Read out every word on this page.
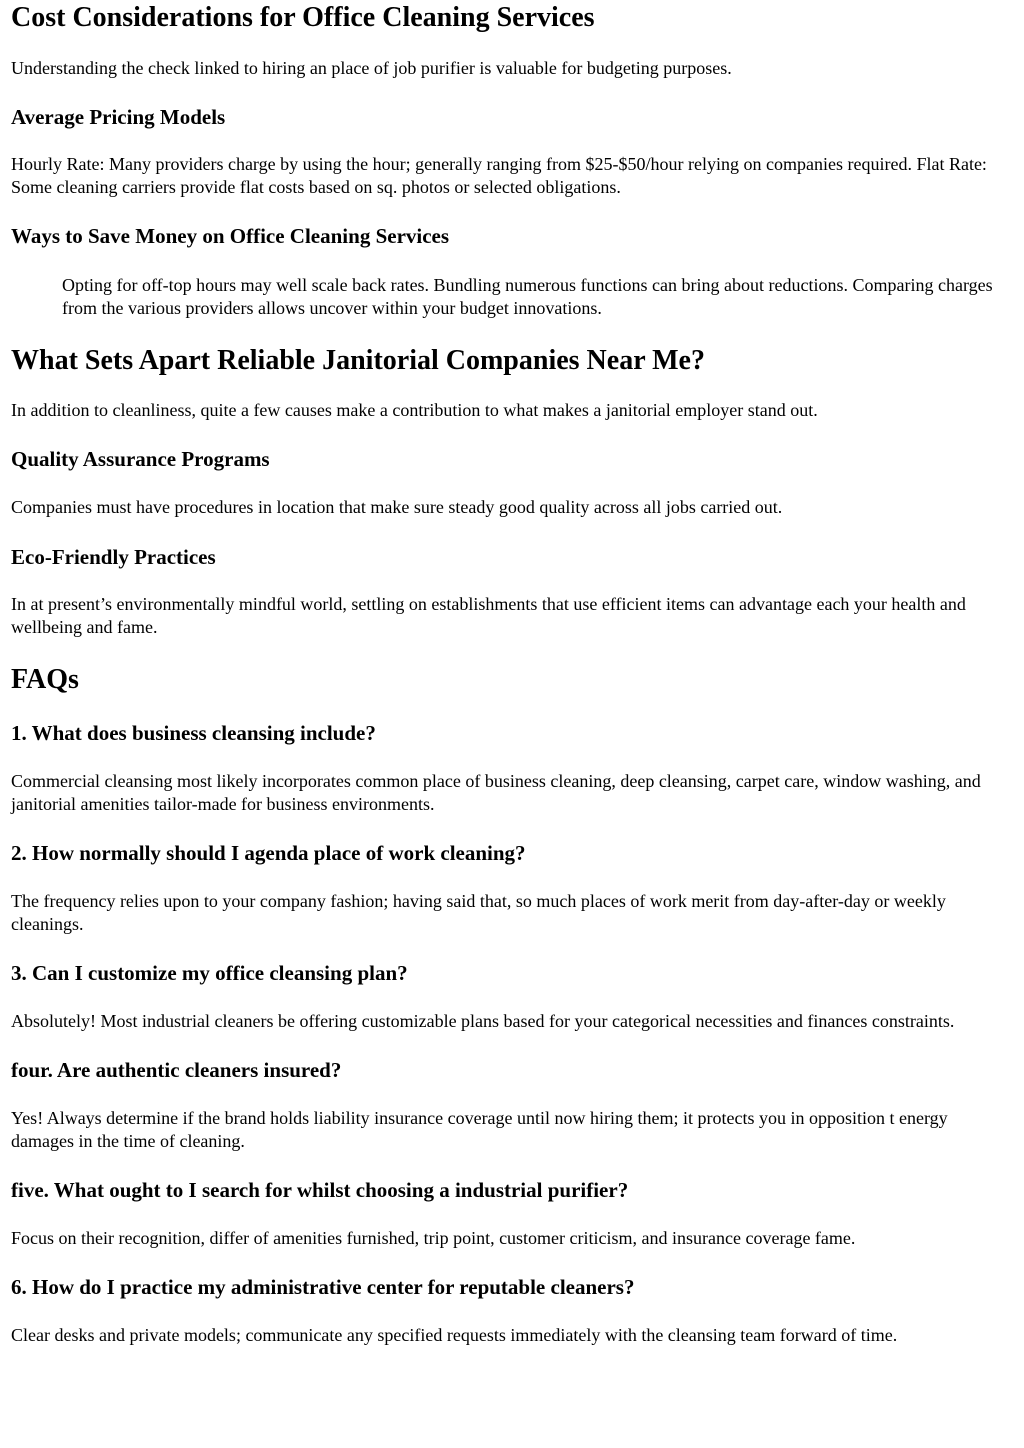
Cost Considerations for Office Cleaning Services

Understanding the check linked to hiring an place of job purifier is valuable for budgeting purposes.

Average Pricing Models

Hourly Rate: Many providers charge by using the hour; generally ranging from $25-$50/hour relying on companies required. Flat Rate: Some cleaning carriers provide flat costs based on sq. photos or selected obligations.

Ways to Save Money on Office Cleaning Services
Opting for off-top hours may well scale back rates. Bundling numerous functions can bring about reductions. Comparing charges from the various providers allows uncover within your budget innovations.
What Sets Apart Reliable Janitorial Companies Near Me?

In addition to cleanliness, quite a few causes make a contribution to what makes a janitorial employer stand out.

Quality Assurance Programs

Companies must have procedures in location that make sure steady good quality across all jobs carried out.

Eco-Friendly Practices

In at present’s environmentally mindful world, settling on establishments that use efficient items can advantage each your health and wellbeing and fame.

FAQs
1. What does business cleansing include?

Commercial cleansing most likely incorporates common place of business cleaning, deep cleansing, carpet care, window washing, and janitorial amenities tailor-made for business environments.

2. How normally should I agenda place of work cleaning?

The frequency relies upon to your company fashion; having said that, so much places of work merit from day-after-day or weekly cleanings.

3. Can I customize my office cleansing plan?

Absolutely! Most industrial cleaners be offering customizable plans based for your categorical necessities and finances constraints.

four. Are authentic cleaners insured?

Yes! Always determine if the brand holds liability insurance coverage until now hiring them; it protects you in opposition t energy damages in the time of cleaning.

five. What ought to I search for whilst choosing a industrial purifier?

Focus on their recognition, differ of amenities furnished, trip point, customer criticism, and insurance coverage fame.

6. How do I practice my administrative center for reputable cleaners?

Clear desks and private models; communicate any specified requests immediately with the cleansing team forward of time.
